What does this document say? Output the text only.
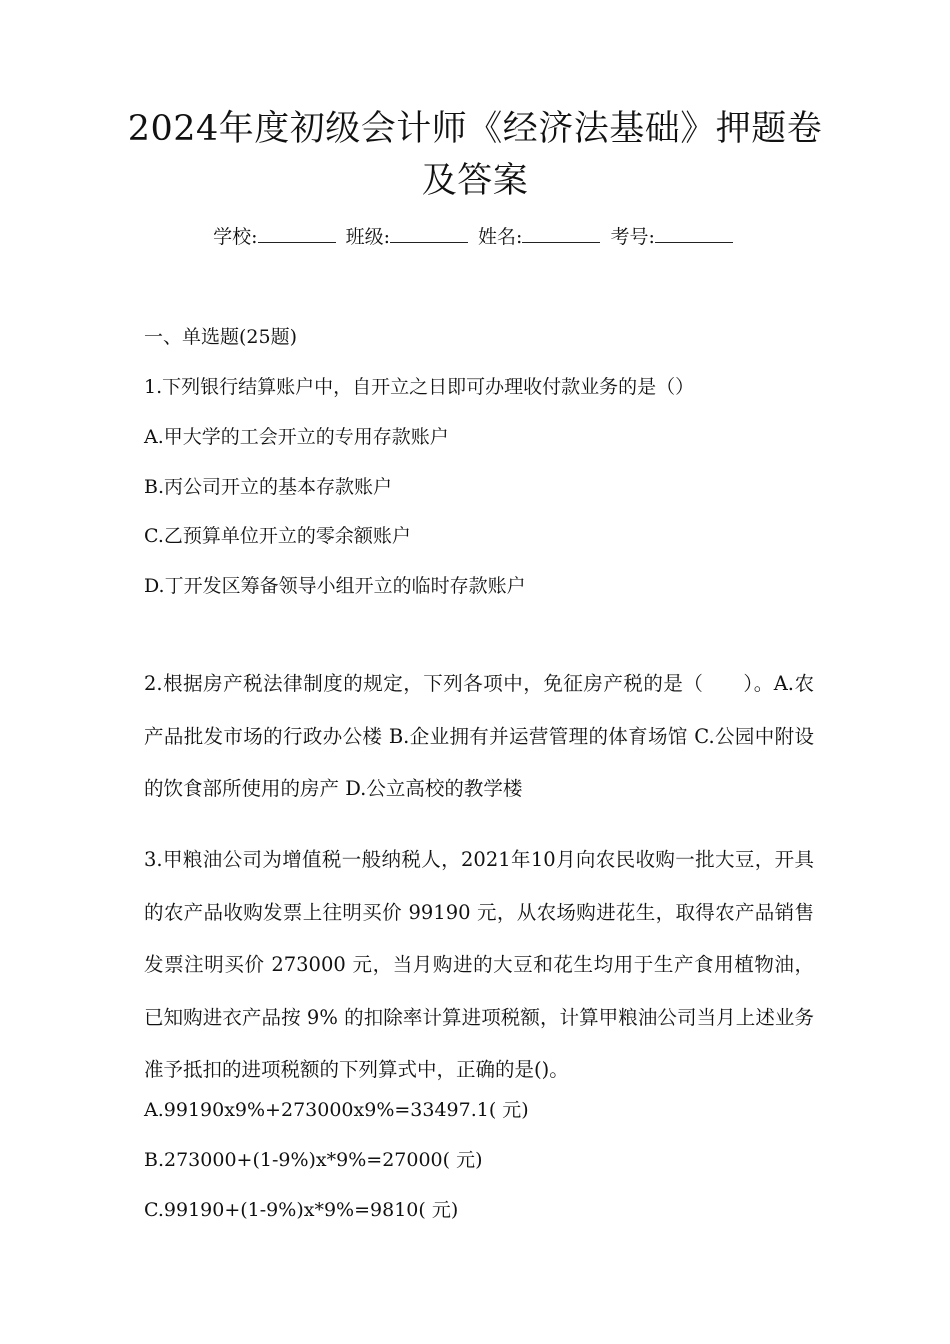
2024年度初级会计师《经济法基础》押题卷
及答案
学校:	班级:	姓名:	考号:
一、单选题(25题)
1.下列银行结算账户中，自开立之日即可办理收付款业务的是（）
A.甲大学的工会开立的专用存款账户
B.丙公司开立的基本存款账户
C.乙预算单位开立的零余额账户
D.丁开发区筹备领导小组开立的临时存款账户
2.根据房产税法律制度的规定，下列各项中，免征房产税的是（　　）。A.农产品批发市场的行政办公楼 B.企业拥有并运营管理的体育场馆 C.公园中附设的饮食部所使用的房产 D.公立高校的教学楼
3.甲粮油公司为增值税一般纳税人，2021年10月向农民收购一批大豆，开具的农产品收购发票上往明买价 99190 元，从农场购进花生，取得农产品销售发票注明买价 273000 元，当月购进的大豆和花生均用于生产食用植物油，已知购进衣产品按 9% 的扣除率计算进项税额，计算甲粮油公司当月上述业务准予抵扣的进项税额的下列算式中，正确的是()。
A.99190x9%+273000x9%=33497.1( 元)
B.273000+(1-9%)x*9%=27000( 元)
C.99190+(1-9%)x*9%=9810( 元)
